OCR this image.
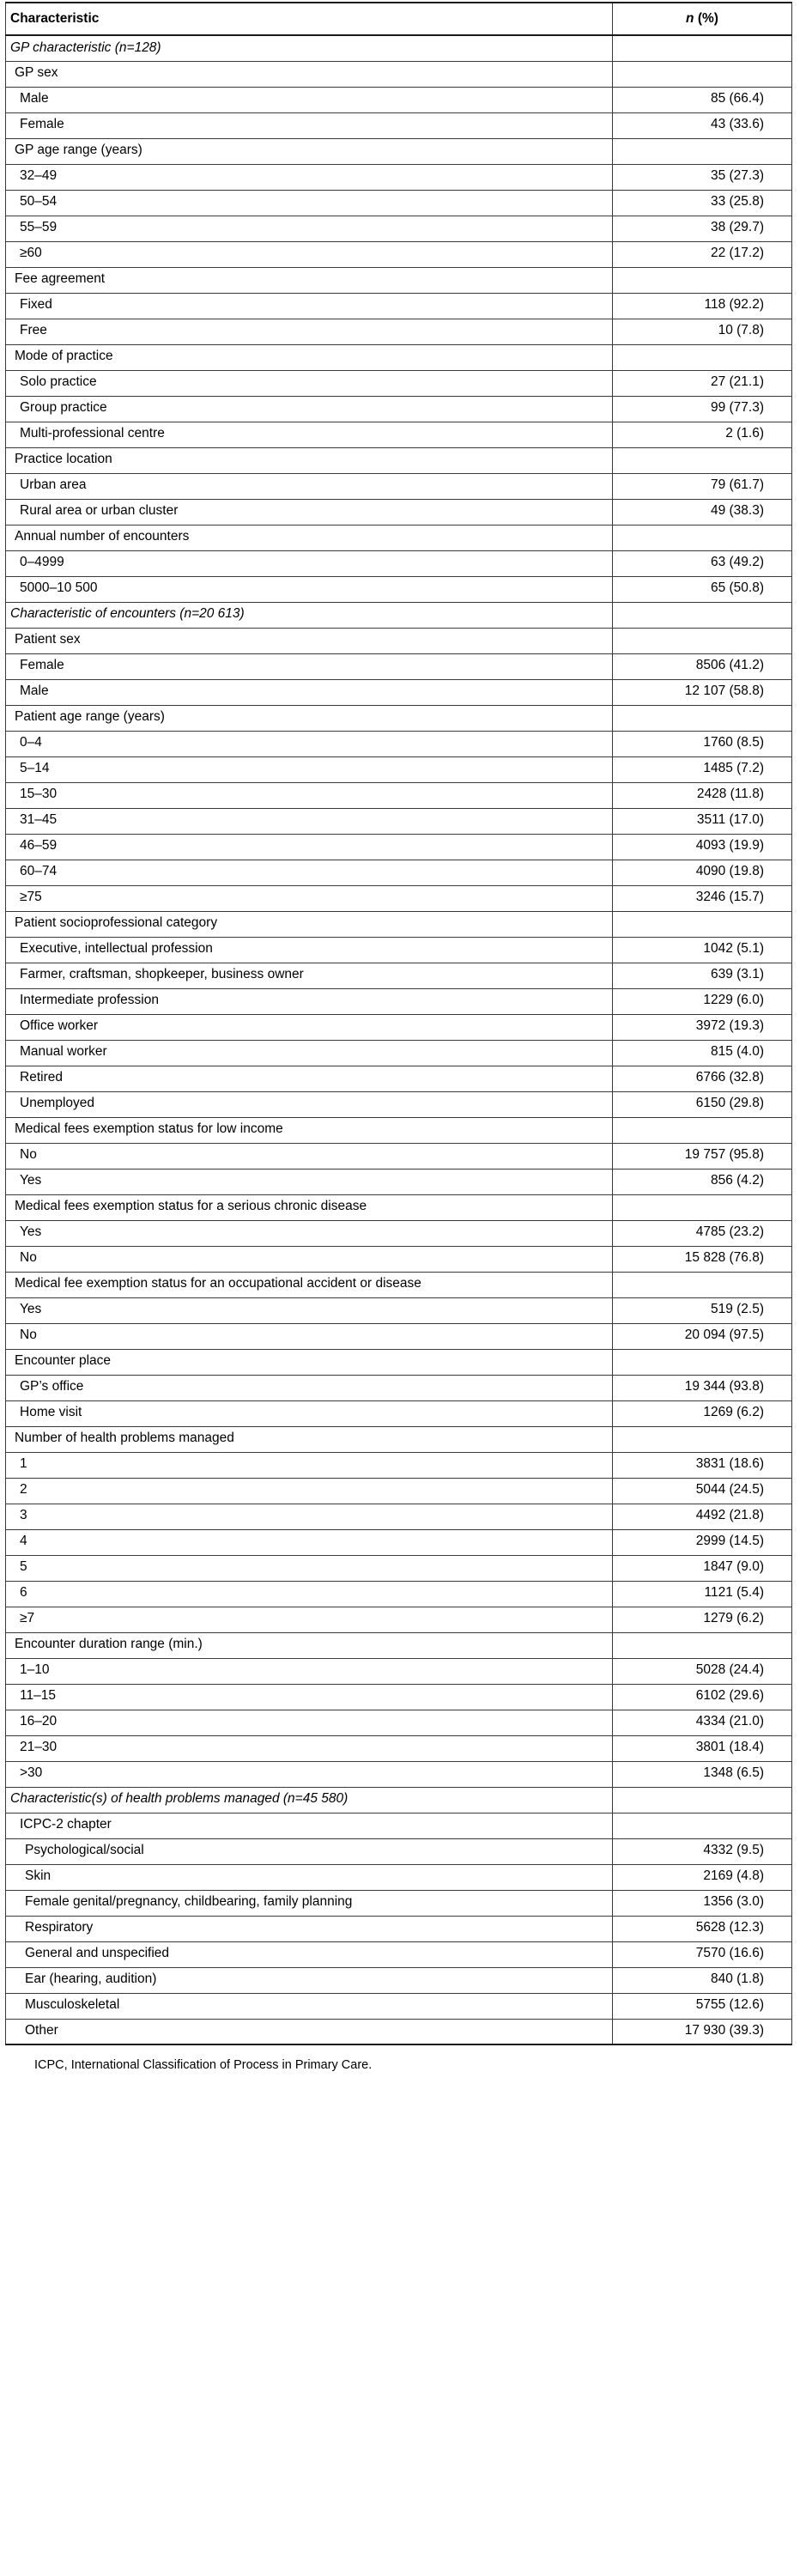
Characteristic	n (%)
GP characteristic (n=128)	
GP sex	
Male	85 (66.4)
Female	43 (33.6)
GP age range (years)	
32–49	35 (27.3)
50–54	33 (25.8)
55–59	38 (29.7)
≥60	22 (17.2)
Fee agreement	
Fixed	118 (92.2)
Free	10 (7.8)
Mode of practice	
Solo practice	27 (21.1)
Group practice	99 (77.3)
Multi-professional centre	2 (1.6)
Practice location	
Urban area	79 (61.7)
Rural area or urban cluster	49 (38.3)
Annual number of encounters	
0–4999	63 (49.2)
5000–10 500	65 (50.8)
Characteristic of encounters (n=20 613)	
Patient sex	
Female	8506 (41.2)
Male	12 107 (58.8)
Patient age range (years)	
0–4	1760 (8.5)
5–14	1485 (7.2)
15–30	2428 (11.8)
31–45	3511 (17.0)
46–59	4093 (19.9)
60–74	4090 (19.8)
≥75	3246 (15.7)
Patient socioprofessional category	
Executive, intellectual profession	1042 (5.1)
Farmer, craftsman, shopkeeper, business owner	639 (3.1)
Intermediate profession	1229 (6.0)
Office worker	3972 (19.3)
Manual worker	815 (4.0)
Retired	6766 (32.8)
Unemployed	6150 (29.8)
Medical fees exemption status for low income	
No	19 757 (95.8)
Yes	856 (4.2)
Medical fees exemption status for a serious chronic disease	
Yes	4785 (23.2)
No	15 828 (76.8)
Medical fee exemption status for an occupational accident or disease	
Yes	519 (2.5)
No	20 094 (97.5)
Encounter place	
GP’s office	19 344 (93.8)
Home visit	1269 (6.2)
Number of health problems managed	
1	3831 (18.6)
2	5044 (24.5)
3	4492 (21.8)
4	2999 (14.5)
5	1847 (9.0)
6	1121 (5.4)
≥7	1279 (6.2)
Encounter duration range (min.)	
1–10	5028 (24.4)
11–15	6102 (29.6)
16–20	4334 (21.0)
21–30	3801 (18.4)
>30	1348 (6.5)
Characteristic(s) of health problems managed (n=45 580)	
ICPC-2 chapter	
Psychological/social	4332 (9.5)
Skin	2169 (4.8)
Female genital/pregnancy, childbearing, family planning	1356 (3.0)
Respiratory	5628 (12.3)
General and unspecified	7570 (16.6)
Ear (hearing, audition)	840 (1.8)
Musculoskeletal	5755 (12.6)
Other	17 930 (39.3)
ICPC, International Classification of Process in Primary Care.
